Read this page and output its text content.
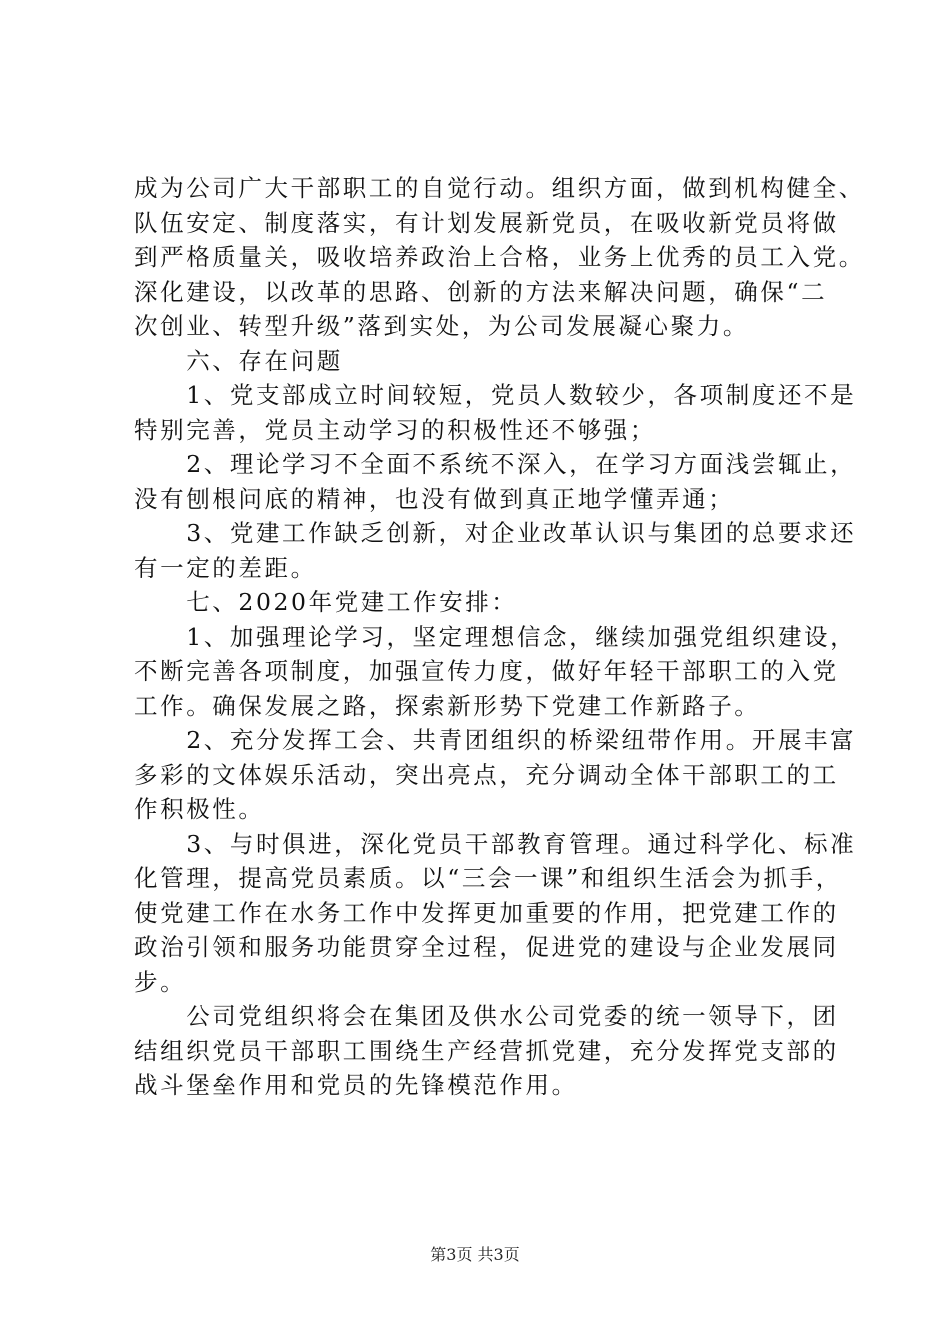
成为公司广大干部职工的自觉行动。组织方面，做到机构健全、
队伍安定、制度落实，有计划发展新党员，在吸收新党员将做
到严格质量关，吸收培养政治上合格，业务上优秀的员工入党。
深化建设，以改革的思路、创新的方法来解决问题，确保“二
次创业、转型升级”落到实处，为公司发展凝心聚力。
　　六、存在问题
　　1、党支部成立时间较短，党员人数较少，各项制度还不是
特别完善，党员主动学习的积极性还不够强；
　　2、理论学习不全面不系统不深入，在学习方面浅尝辄止，
没有刨根问底的精神，也没有做到真正地学懂弄通；
　　3、党建工作缺乏创新，对企业改革认识与集团的总要求还
有一定的差距。
　　七、2020年党建工作安排：
　　1、加强理论学习，坚定理想信念，继续加强党组织建设，
不断完善各项制度，加强宣传力度，做好年轻干部职工的入党
工作。确保发展之路，探索新形势下党建工作新路子。
　　2、充分发挥工会、共青团组织的桥梁纽带作用。开展丰富
多彩的文体娱乐活动，突出亮点，充分调动全体干部职工的工
作积极性。
　　3、与时俱进，深化党员干部教育管理。通过科学化、标准
化管理，提高党员素质。以“三会一课”和组织生活会为抓手，
使党建工作在水务工作中发挥更加重要的作用，把党建工作的
政治引领和服务功能贯穿全过程，促进党的建设与企业发展同
步。
　　公司党组织将会在集团及供水公司党委的统一领导下，团
结组织党员干部职工围绕生产经营抓党建，充分发挥党支部的
战斗堡垒作用和党员的先锋模范作用。
第3页 共3页
